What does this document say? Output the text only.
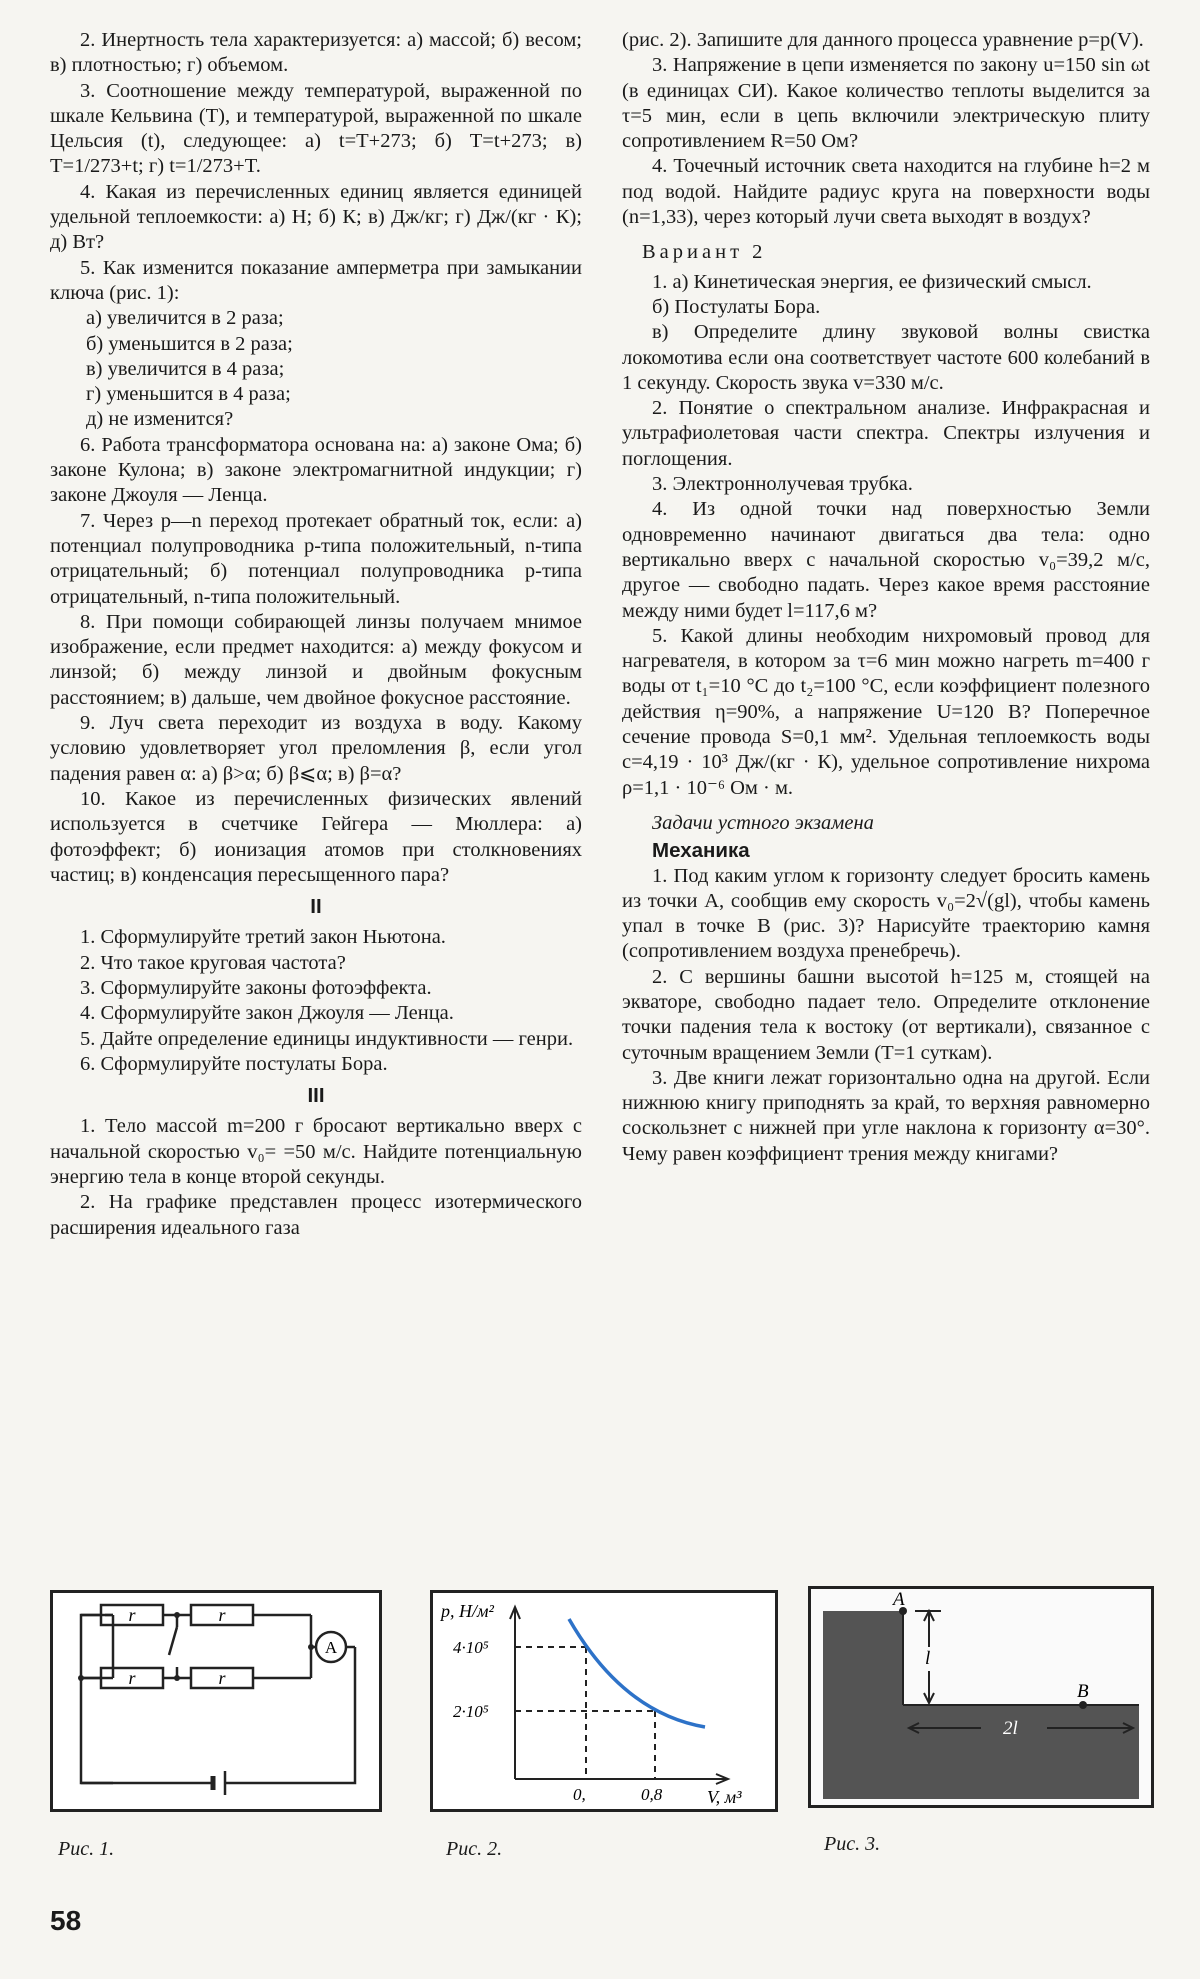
2. Инертность тела характеризуется: а) массой; б) весом; в) плотностью; г) объемом.

3. Соотношение между температурой, выраженной по шкале Кельвина (T), и температурой, выраженной по шкале Цельсия (t), следующее: а) t=T+273; б) T=t+273; в) T=1/273+t; г) t=1/273+T.

4. Какая из перечисленных единиц является единицей удельной теплоемкости: а) Н; б) К; в) Дж/кг; г) Дж/(кг · К); д) Вт?

5. Как изменится показание амперметра при замыкании ключа (рис. 1):

а) увеличится в 2 раза;

б) уменьшится в 2 раза;

в) увеличится в 4 раза;

г) уменьшится в 4 раза;

д) не изменится?

6. Работа трансформатора основана на: а) законе Ома; б) законе Кулона; в) законе электромагнитной индукции; г) законе Джоуля — Ленца.

7. Через p—n переход протекает обратный ток, если: а) потенциал полупроводника p-типа положительный, n-типа отрицательный; б) потенциал полупроводника p-типа отрицательный, n-типа положительный.

8. При помощи собирающей линзы получаем мнимое изображение, если предмет находится: а) между фокусом и линзой; б) между линзой и двойным фокусным расстоянием; в) дальше, чем двойное фокусное расстояние.

9. Луч света переходит из воздуха в воду. Какому условию удовлетворяет угол преломления β, если угол падения равен α: а) β>α; б) β⩽α; в) β=α?

10. Какое из перечисленных физических явлений используется в счетчике Гейгера — Мюллера: а) фотоэффект; б) ионизация атомов при столкновениях частиц; в) конденсация пересыщенного пара?

II

1. Сформулируйте третий закон Ньютона.

2. Что такое круговая частота?

3. Сформулируйте законы фотоэффекта.

4. Сформулируйте закон Джоуля — Ленца.

5. Дайте определение единицы индуктивности — генри.

6. Сформулируйте постулаты Бора.

III

1. Тело массой m=200 г бросают вертикально вверх с начальной скоростью v₀= =50 м/с. Найдите потенциальную энергию тела в конце второй секунды.

2. На графике представлен процесс изотермического расширения идеального газа

(рис. 2). Запишите для данного процесса уравнение p=p(V).

3. Напряжение в цепи изменяется по закону u=150 sin ωt (в единицах СИ). Какое количество теплоты выделится за τ=5 мин, если в цепь включили электрическую плиту сопротивлением R=50 Ом?

4. Точечный источник света находится на глубине h=2 м под водой. Найдите радиус круга на поверхности воды (n=1,33), через который лучи света выходят в воздух?

Вариант 2

1. а) Кинетическая энергия, ее физический смысл.

б) Постулаты Бора.

в) Определите длину звуковой волны свистка локомотива если она соответствует частоте 600 колебаний в 1 секунду. Скорость звука v=330 м/с.

2. Понятие о спектральном анализе. Инфракрасная и ультрафиолетовая части спектра. Спектры излучения и поглощения.

3. Электроннолучевая трубка.

4. Из одной точки над поверхностью Земли одновременно начинают двигаться два тела: одно вертикально вверх с начальной скоростью v₀=39,2 м/с, другое — свободно падать. Через какое время расстояние между ними будет l=117,6 м?

5. Какой длины необходим нихромовый провод для нагревателя, в котором за τ=6 мин можно нагреть m=400 г воды от t₁=10 °C до t₂=100 °C, если коэффициент полезного действия η=90%, а напряжение U=120 В? Поперечное сечение провода S=0,1 мм². Удельная теплоемкость воды c=4,19 · 10³ Дж/(кг · К), удельное сопротивление нихрома ρ=1,1 · 10⁻⁶ Ом · м.

Задачи устного экзамена

Механика

1. Под каким углом к горизонту следует бросить камень из точки A, сообщив ему скорость v₀=2√(gl), чтобы камень упал в точке B (рис. 3)? Нарисуйте траекторию камня (сопротивлением воздуха пренебречь).

2. С вершины башни высотой h=125 м, стоящей на экваторе, свободно падает тело. Определите отклонение точки падения тела к востоку (от вертикали), связанное с суточным вращением Земли (T=1 суткам).

3. Две книги лежат горизонтально одна на другой. Если нижнюю книгу приподнять за край, то верхняя равномерно соскользнет с нижней при угле наклона к горизонту α=30°. Чему равен коэффициент трения между книгами?

r	r
r	r
A
Рис. 1.
p, Н/м²
4·10⁵
2·10⁵
0,	0,8 V, м³
Рис. 2.
A
B
l
2l
Рис. 3.
58
